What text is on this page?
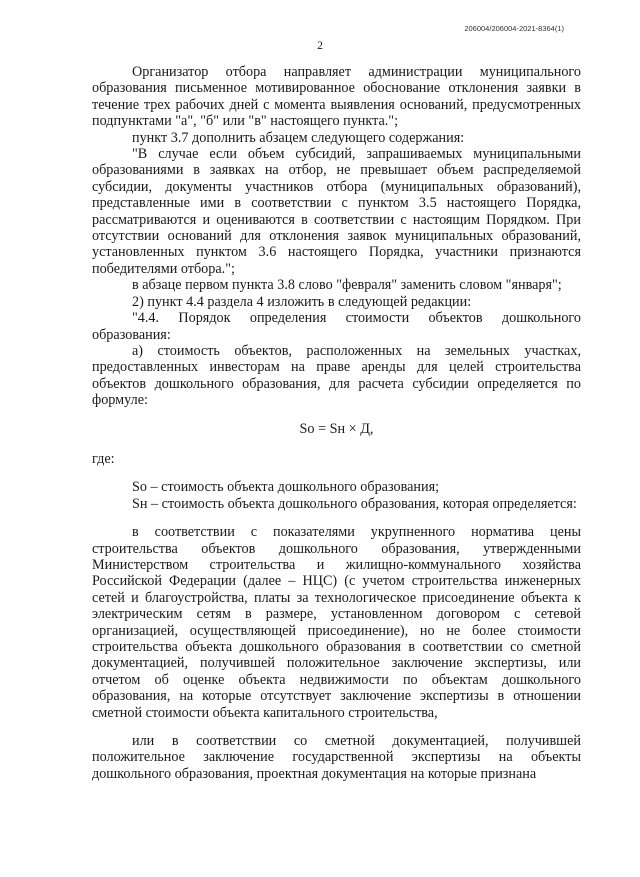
206004/206004-2021-8364(1)
2

Организатор отбора направляет администрации муниципального образования письменное мотивированное обоснование отклонения заявки в течение трех рабочих дней с момента выявления оснований, предусмотренных подпунктами "а", "б" или "в" настоящего пункта.";

пункт 3.7 дополнить абзацем следующего содержания:

"В случае если объем субсидий, запрашиваемых муниципальными образованиями в заявках на отбор, не превышает объем распределяемой субсидии, документы участников отбора (муниципальных образований), представленные ими в соответствии с пунктом 3.5 настоящего Порядка, рассматриваются и оцениваются в соответствии с настоящим Порядком. При отсутствии оснований для отклонения заявок муниципальных образований, установленных пунктом 3.6 настоящего Порядка, участники признаются победителями отбора.";

в абзаце первом пункта 3.8 слово "февраля" заменить словом "января";

2) пункт 4.4 раздела 4 изложить в следующей редакции:

"4.4. Порядок определения стоимости объектов дошкольного образования:

а) стоимость объектов, расположенных на земельных участках, предоставленных инвесторам на праве аренды для целей строительства объектов дошкольного образования, для расчета субсидии определяется по формуле:

Sо = Sн × Д,

где:

Sо – стоимость объекта дошкольного образования;

Sн – стоимость объекта дошкольного образования, которая определяется:

в соответствии с показателями укрупненного норматива цены строительства объектов дошкольного образования, утвержденными Министерством строительства и жилищно-коммунального хозяйства Российской Федерации (далее – НЦС) (с учетом строительства инженерных сетей и благоустройства, платы за технологическое присоединение объекта к электрическим сетям в размере, установленном договором с сетевой организацией, осуществляющей присоединение), но не более стоимости строительства объекта дошкольного образования в соответствии со сметной документацией, получившей положительное заключение экспертизы, или отчетом об оценке объекта недвижимости по объектам дошкольного образования, на которые отсутствует заключение экспертизы в отношении сметной стоимости объекта капитального строительства,

или в соответствии со сметной документацией, получившей положительное заключение государственной экспертизы на объекты дошкольного образования, проектная документация на которые признана
